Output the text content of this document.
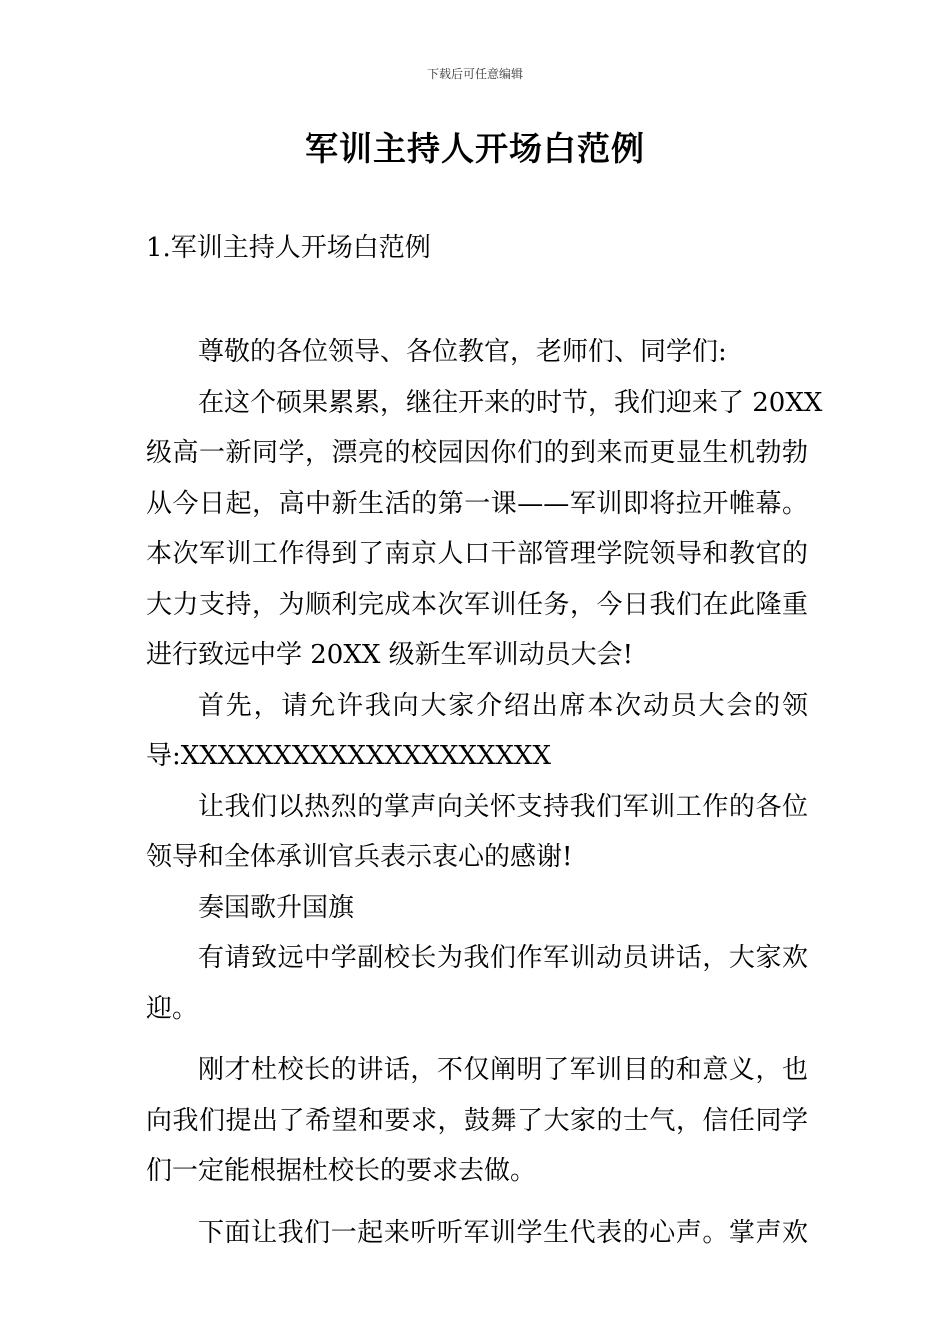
下载后可任意编辑
军训主持人开场白范例
1.军训主持人开场白范例
尊敬的各位领导、各位教官，老师们、同学们:
在这个硕果累累，继往开来的时节，我们迎来了 20XX
级高一新同学，漂亮的校园因你们的到来而更显生机勃勃
从今日起，高中新生活的第一课——军训即将拉开帷幕。
本次军训工作得到了南京人口干部管理学院领导和教官的
大力支持，为顺利完成本次军训任务，今日我们在此隆重
进行致远中学 20XX 级新生军训动员大会!
首先，请允许我向大家介绍出席本次动员大会的领
导:XXXXXXXXXXXXXXXXXXXX
让我们以热烈的掌声向关怀支持我们军训工作的各位
领导和全体承训官兵表示衷心的感谢!
奏国歌升国旗
有请致远中学副校长为我们作军训动员讲话，大家欢
迎。
刚才杜校长的讲话，不仅阐明了军训目的和意义，也
向我们提出了希望和要求，鼓舞了大家的士气，信任同学
们一定能根据杜校长的要求去做。
下面让我们一起来听听军训学生代表的心声。掌声欢
